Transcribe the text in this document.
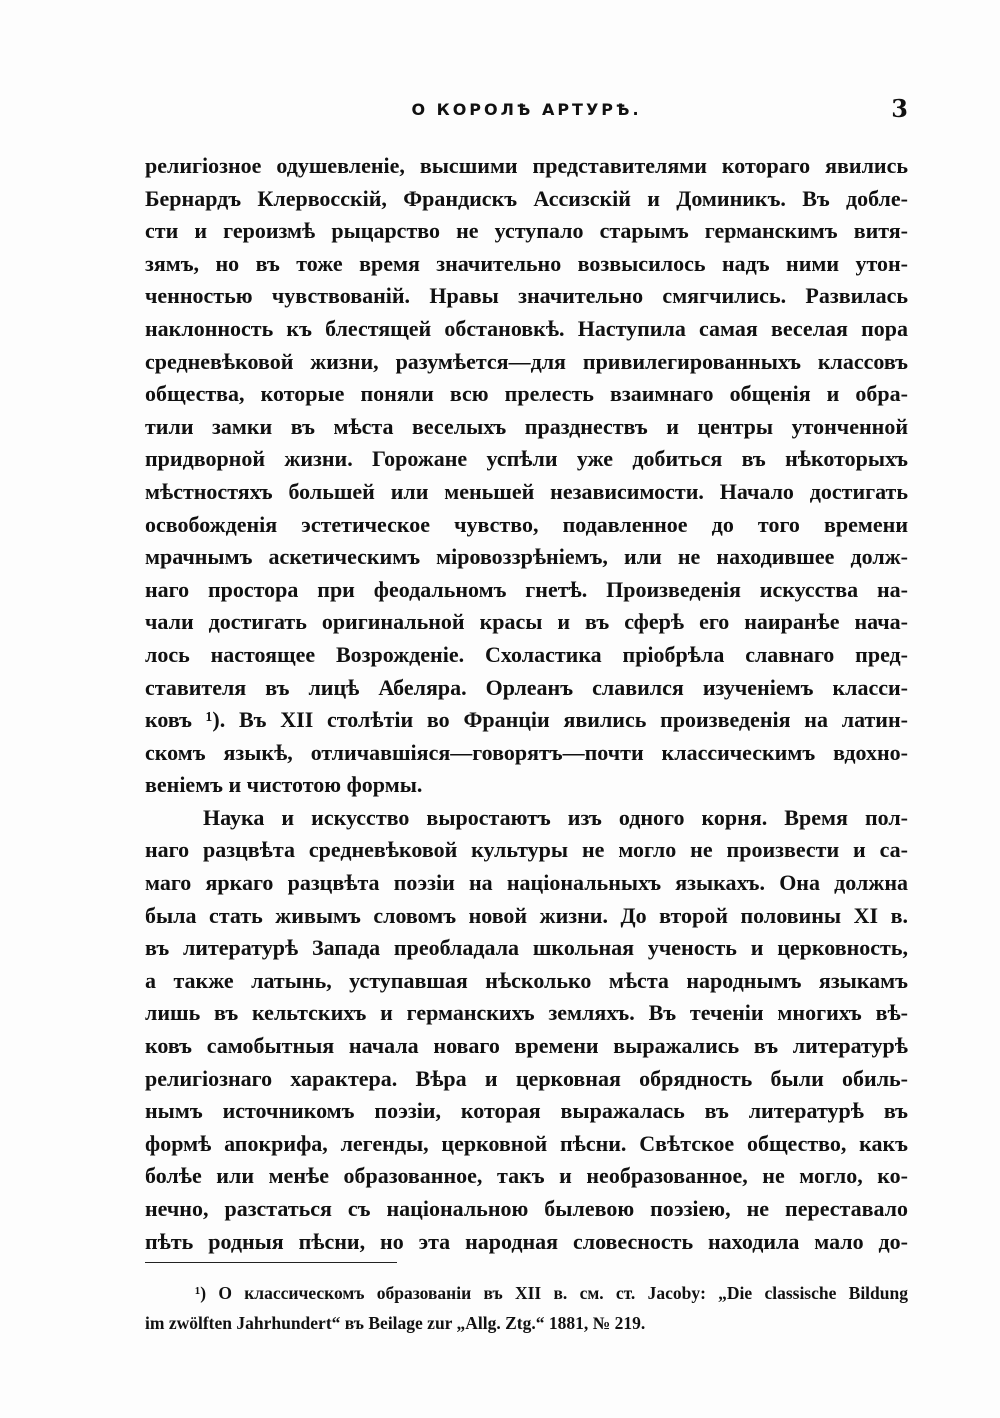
О КОРОЛѢ АРТУРѢ.	3
религіозное одушевленіе, высшими представителями котораго явились
Бернардъ Клервосскій, Франдискъ Ассизскій и Доминикъ. Въ добле-
сти и героизмѣ рыцарство не уступало старымъ германскимъ витя-
зямъ, но въ тоже время значительно возвысилось надъ ними утон-
ченностью чувствованій. Нравы значительно смягчились. Развилась
наклонность къ блестящей обстановкѣ. Наступила самая веселая пора
средневѣковой жизни, разумѣется—для привилегированныхъ классовъ
общества, которые поняли всю прелесть взаимнаго общенія и обра-
тили замки въ мѣста веселыхъ празднествъ и центры утонченной
придворной жизни. Горожане успѣли уже добиться въ нѣкоторыхъ
мѣстностяхъ большей или меньшей независимости. Начало достигать
освобожденія эстетическое чувство, подавленное до того времени
мрачнымъ аскетическимъ міровоззрѣніемъ, или не находившее долж-
наго простора при феодальномъ гнетѣ. Произведенія искусства на-
чали достигать оригинальной красы и въ сферѣ его наиранѣе нача-
лось настоящее Возрожденіе. Схоластика пріобрѣла славнаго пред-
ставителя въ лицѣ Абеляра. Орлеанъ славился изученіемъ класси-
ковъ ¹). Въ XII столѣтіи во Франціи явились произведенія на латин-
скомъ языкѣ, отличавшіяся—говорятъ—почти классическимъ вдохно-
веніемъ и чистотою формы.
Наука и искусство выростаютъ изъ одного корня. Время пол-
наго разцвѣта средневѣковой культуры не могло не произвести и са-
маго яркаго разцвѣта поэзіи на національныхъ языкахъ. Она должна
была стать живымъ словомъ новой жизни. До второй половины XI в.
въ литературѣ Запада преобладала школьная ученость и церковность,
а также латынь, уступавшая нѣсколько мѣста народнымъ языкамъ
лишь въ кельтскихъ и германскихъ земляхъ. Въ теченіи многихъ вѣ-
ковъ самобытныя начала новаго времени выражались въ литературѣ
религіознаго характера. Вѣра и церковная обрядность были обиль-
нымъ источникомъ поэзіи, которая выражалась въ литературѣ въ
формѣ апокрифа, легенды, церковной пѣсни. Свѣтское общество, какъ
болѣе или менѣе образованное, такъ и необразованное, не могло, ко-
нечно, разстаться съ національною былевою поэзіею, не переставало
пѣть родныя пѣсни, но эта народная словесность находила мало до-
¹) О классическомъ образованіи въ XII в. см. ст. Jacoby: „Die classische Bildung
im zwölften Jahrhundert“ въ Beilage zur „Allg. Ztg.“ 1881, № 219.
